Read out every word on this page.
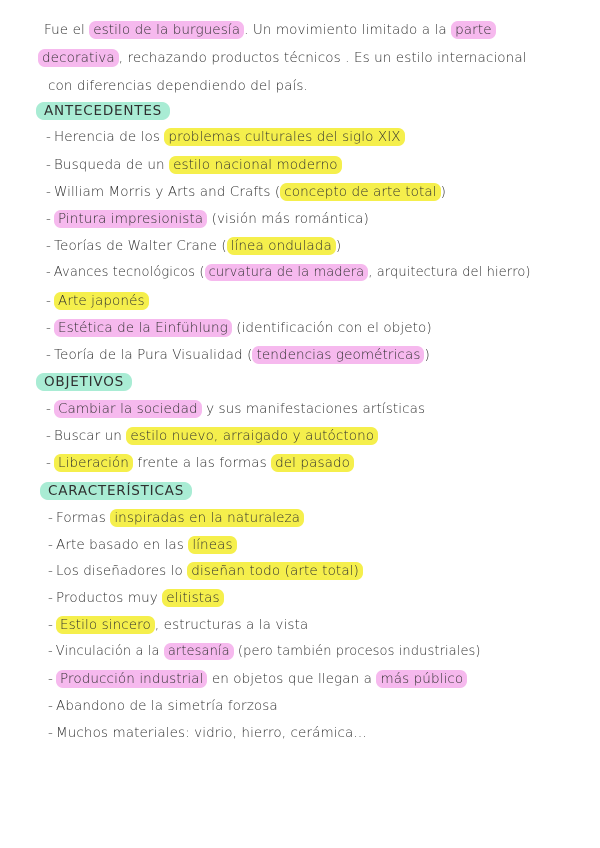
Fue el estilo de la burguesía . Un movimiento limitado a la parte
decorativa , rechazando productos técnicos . Es un estilo internacional
con diferencias dependiendo del país.
ANTECEDENTES
- Herencia de los problemas culturales del siglo XIX
- Busqueda de un estilo nacional moderno
- William Morris y Arts and Crafts ( concepto de arte total )
- Pintura impresionista (visión más romántica)
- Teorías de Walter Crane ( línea ondulada )
- Avances tecnológicos ( curvatura de la madera , arquitectura del hierro)
- Arte japonés
- Estética de la Einfühlung (identificación con el objeto)
- Teoría de la Pura Visualidad ( tendencias geométricas )
OBJETIVOS
- Cambiar la sociedad y sus manifestaciones artísticas
- Buscar un estilo nuevo, arraigado y autóctono
- Liberación frente a las formas del pasado
CARACTERÍSTICAS
- Formas inspiradas en la naturaleza
- Arte basado en las líneas
- Los diseñadores lo diseñan todo (arte total)
- Productos muy elitistas
- Estilo sincero , estructuras a la vista
- Vinculación a la artesanía (pero también procesos industriales)
- Producción industrial en objetos que llegan a más público
- Abandono de la simetría forzosa
- Muchos materiales: vidrio, hierro, cerámica...
